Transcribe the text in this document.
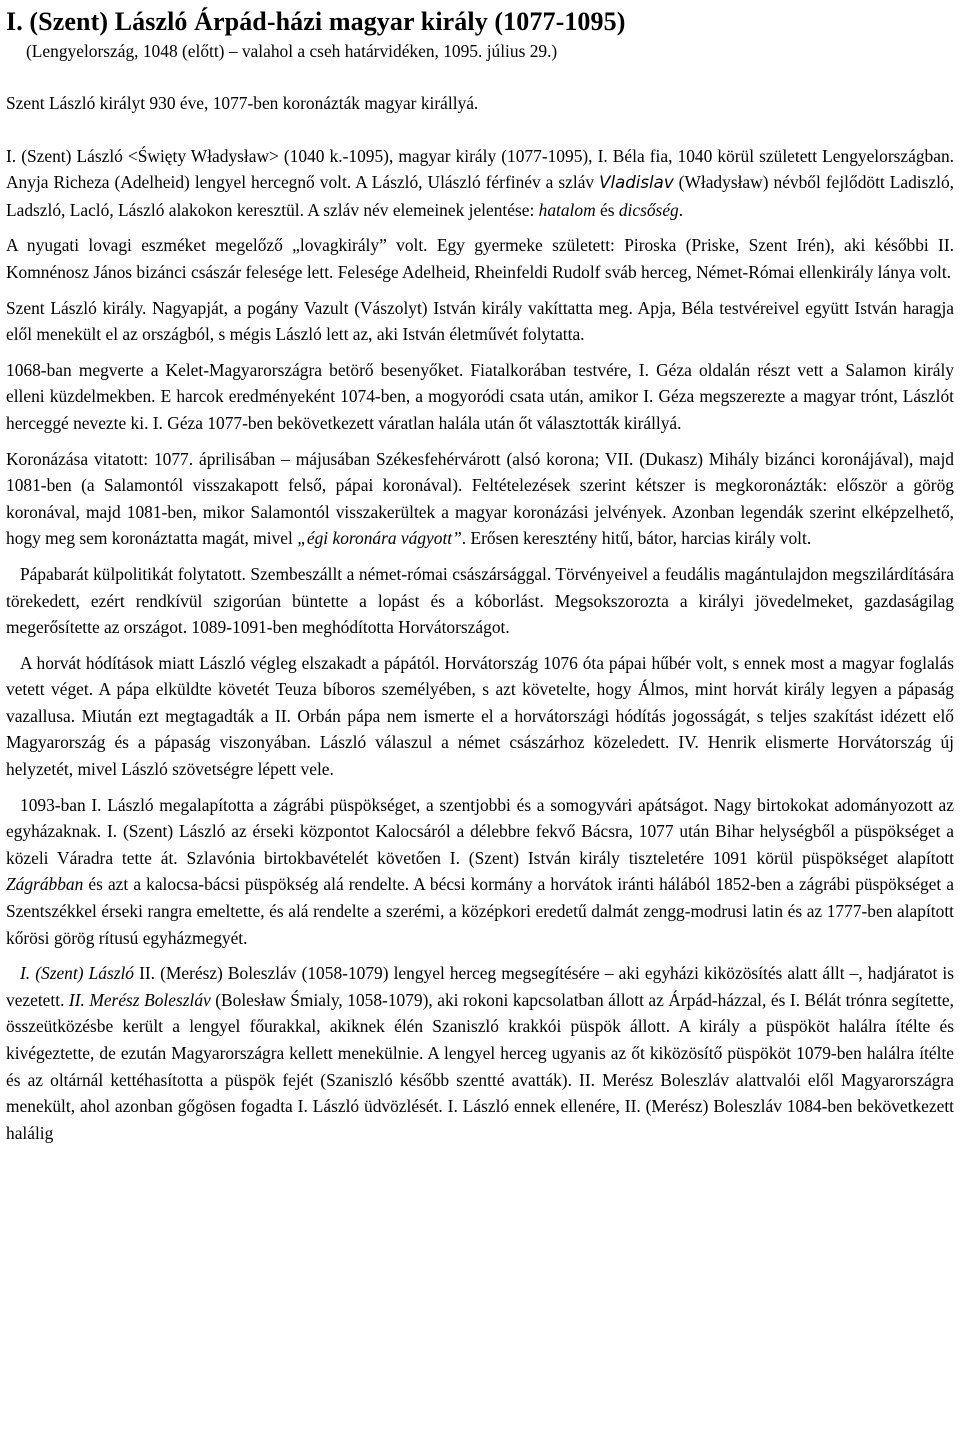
I. (Szent) László Árpád-házi magyar király (1077-1095)

(Lengyelország, 1048 (előtt) – valahol a cseh határvidéken, 1095. július 29.)

Szent László királyt 930 éve, 1077-ben koronázták magyar királlyá.

I. (Szent) László <Święty Władysław> (1040 k.-1095), magyar király (1077-1095), I. Béla fia, 1040 körül született Lengyelországban. Anyja Richeza (Adelheid) lengyel hercegnő volt. A László, Ulászló férfinév a szláv Vladislav (Władysław) névből fejlődött Ladiszló, Ladszló, Lacló, László alakokon keresztül. A szláv név elemeinek jelentése: hatalom és dicsőség.

A nyugati lovagi eszméket megelőző „lovagkirály” volt. Egy gyermeke született: Piroska (Priske, Szent Irén), aki későbbi II. Komnénosz János bizánci császár felesége lett. Felesége Adelheid, Rheinfeldi Rudolf sváb herceg, Német-Római ellenkirály lánya volt.

Szent László király. Nagyapját, a pogány Vazult (Vászolyt) István király vakíttatta meg. Apja, Béla testvéreivel együtt István haragja elől menekült el az országból, s mégis László lett az, aki István életművét folytatta.

1068-ban megverte a Kelet-Magyarországra betörő besenyőket. Fiatalkorában testvére, I. Géza oldalán részt vett a Salamon király elleni küzdelmekben. E harcok eredményeként 1074-ben, a mogyoródi csata után, amikor I. Géza megszerezte a magyar trónt, Lászlót herceggé nevezte ki. I. Géza 1077-ben bekövetkezett váratlan halála után őt választották királlyá.

Koronázása vitatott: 1077. áprilisában – májusában Székesfehérvárott (alsó korona; VII. (Dukasz) Mihály bizánci koronájával), majd 1081-ben (a Salamontól visszakapott felső, pápai koronával). Feltételezések szerint kétszer is megkoronázták: először a görög koronával, majd 1081-ben, mikor Salamontól visszakerültek a magyar koronázási jelvények. Azonban legendák szerint elképzelhető, hogy meg sem koronáztatta magát, mivel „égi koronára vágyott”. Erősen keresztény hitű, bátor, harcias király volt.

Pápabarát külpolitikát folytatott. Szembeszállt a német-római császársággal. Törvényeivel a feudális magántulajdon megszilárdítására törekedett, ezért rendkívül szigorúan büntette a lopást és a kóborlást. Megsokszorozta a királyi jövedelmeket, gazdaságilag megerősítette az országot. 1089-1091-ben meghódította Horvátországot.

A horvát hódítások miatt László végleg elszakadt a pápától. Horvátország 1076 óta pápai hűbér volt, s ennek most a magyar foglalás vetett véget. A pápa elküldte követét Teuza bíboros személyében, s azt követelte, hogy Álmos, mint horvát király legyen a pápaság vazallusa. Miután ezt megtagadták a II. Orbán pápa nem ismerte el a horvátországi hódítás jogosságát, s teljes szakítást idézett elő Magyarország és a pápaság viszonyában. László válaszul a német császárhoz közeledett. IV. Henrik elismerte Horvátország új helyzetét, mivel László szövetségre lépett vele.

1093-ban I. László megalapította a zágrábi püspökséget, a szentjobbi és a somogyvári apátságot. Nagy birtokokat adományozott az egyházaknak. I. (Szent) László az érseki központot Kalocsáról a délebbre fekvő Bácsra, 1077 után Bihar helységből a püspökséget a közeli Váradra tette át. Szlavónia birtokbavételét követően I. (Szent) István király tiszteletére 1091 körül püspökséget alapított Zágrábban és azt a kalocsa-bácsi püspökség alá rendelte. A bécsi kormány a horvátok iránti hálából 1852-ben a zágrábi püspökséget a Szentszékkel érseki rangra emeltette, és alá rendelte a szerémi, a középkori eredetű dalmát zengg-modrusi latin és az 1777-ben alapított kőrösi görög rítusú egyházmegyét.

I. (Szent) László II. (Merész) Boleszláv (1058-1079) lengyel herceg megsegítésére – aki egyházi kiközösítés alatt állt –, hadjáratot is vezetett. II. Merész Boleszláv (Bolesław Śmialy, 1058-1079), aki rokoni kapcsolatban állott az Árpád-házzal, és I. Bélát trónra segítette, összeütközésbe került a lengyel főurakkal, akiknek élén Szaniszló krakkói püspök állott. A király a püspököt halálra ítélte és kivégeztette, de ezután Magyarországra kellett menekülnie. A lengyel herceg ugyanis az őt kiközösítő püspököt 1079-ben halálra ítélte és az oltárnál kettéhasította a püspök fejét (Szaniszló később szentté avatták). II. Merész Boleszláv alattvalói elől Magyarországra menekült, ahol azonban gőgösen fogadta I. László üdvözlését. I. László ennek ellenére, II. (Merész) Boleszláv 1084-ben bekövetkezett halálig
